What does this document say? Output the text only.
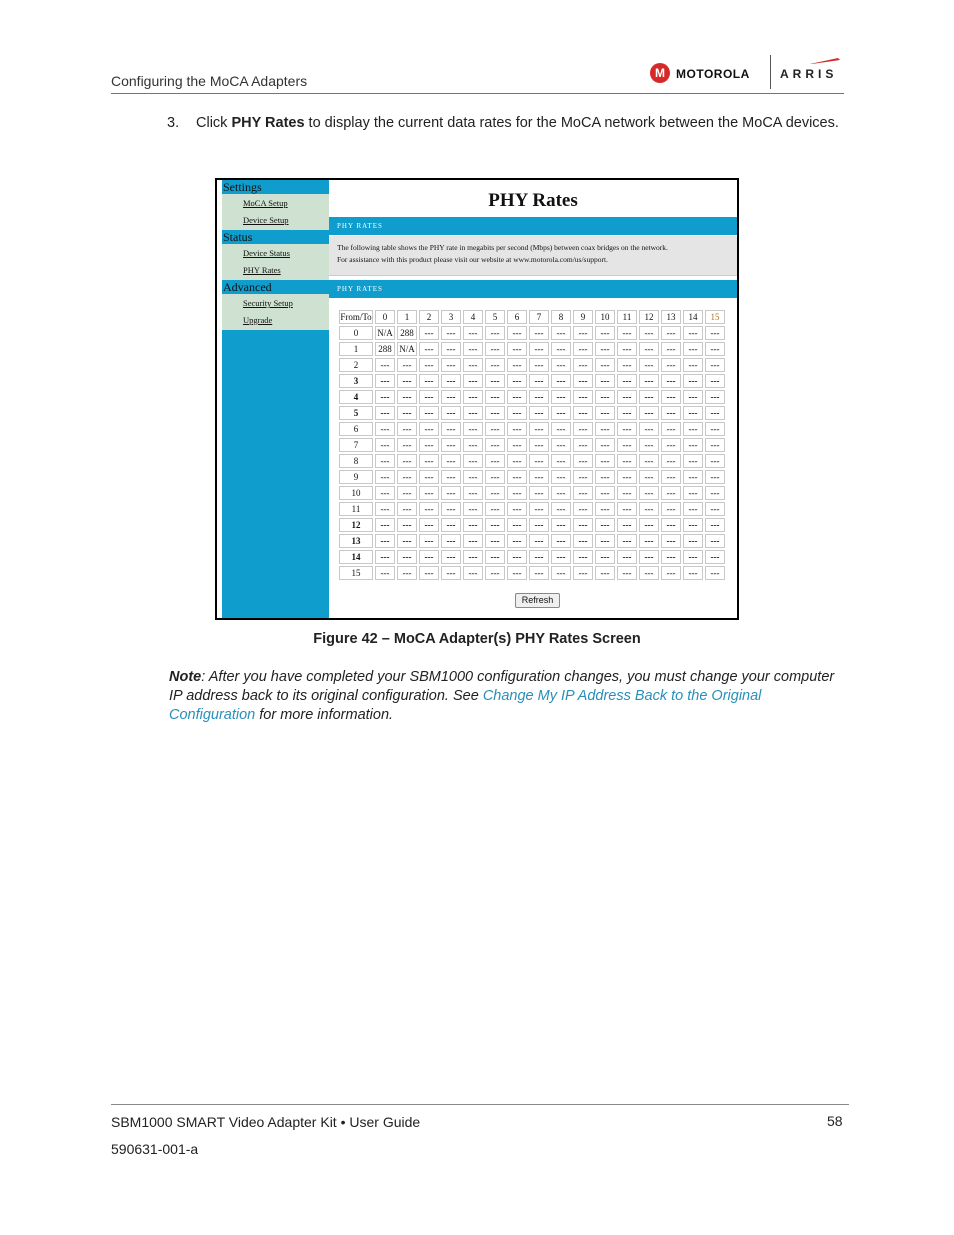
Configuring the MoCA Adapters	M MOTOROLA	ARRIS
3. Click PHY Rates to display the current data rates for the MoCA network between the MoCA devices.
Settings
MoCA Setup
Device Setup
Status
Device Status
PHY Rates
Advanced
Security Setup
Upgrade
PHY Rates
PHY RATES
The following table shows the PHY rate in megabits per second (Mbps) between coax bridges on the network.
For assistance with this product please visit our website at www.motorola.com/us/support.
PHY RATES
From/To	0	1	2	3	4	5	6	7	8	9	10	11	12	13	14	15
0	N/A	288	---	---	---	---	---	---	---	---	---	---	---	---	---	---
1	288	N/A	---	---	---	---	---	---	---	---	---	---	---	---	---	---
2	---	---	---	---	---	---	---	---	---	---	---	---	---	---	---	---
3	---	---	---	---	---	---	---	---	---	---	---	---	---	---	---	---
4	---	---	---	---	---	---	---	---	---	---	---	---	---	---	---	---
5	---	---	---	---	---	---	---	---	---	---	---	---	---	---	---	---
6	---	---	---	---	---	---	---	---	---	---	---	---	---	---	---	---
7	---	---	---	---	---	---	---	---	---	---	---	---	---	---	---	---
8	---	---	---	---	---	---	---	---	---	---	---	---	---	---	---	---
9	---	---	---	---	---	---	---	---	---	---	---	---	---	---	---	---
10	---	---	---	---	---	---	---	---	---	---	---	---	---	---	---	---
11	---	---	---	---	---	---	---	---	---	---	---	---	---	---	---	---
12	---	---	---	---	---	---	---	---	---	---	---	---	---	---	---	---
13	---	---	---	---	---	---	---	---	---	---	---	---	---	---	---	---
14	---	---	---	---	---	---	---	---	---	---	---	---	---	---	---	---
15	---	---	---	---	---	---	---	---	---	---	---	---	---	---	---	---
Refresh
Figure 42 – MoCA Adapter(s) PHY Rates Screen
Note: After you have completed your SBM1000 configuration changes, you must change your computer IP address back to its original configuration. See Change My IP Address Back to the Original Configuration for more information.
SBM1000 SMART Video Adapter Kit • User Guide	58
590631-001-a
